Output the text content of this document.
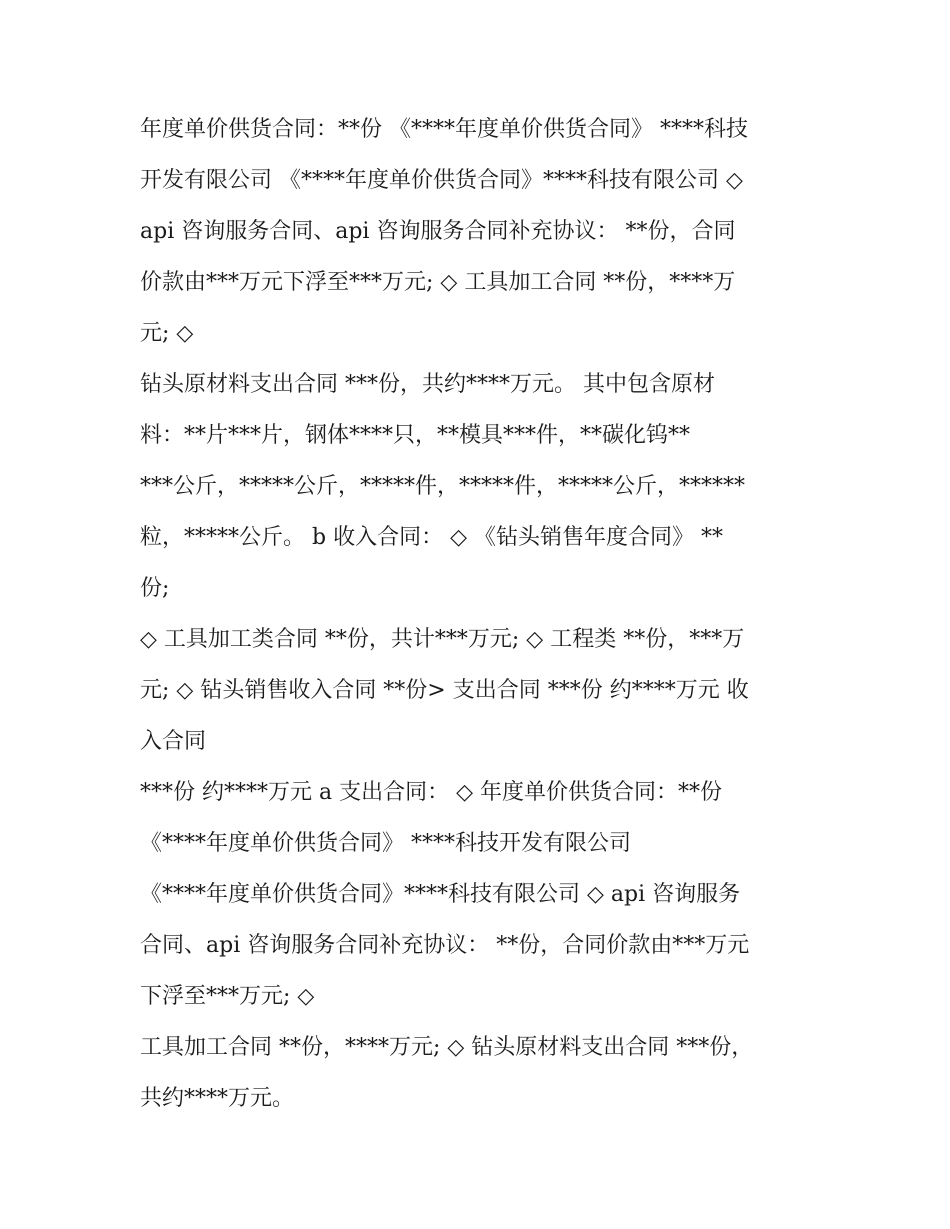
年度单价供货合同：**份 《****年度单价供货合同》 ****科技
开发有限公司 《****年度单价供货合同》****科技有限公司 ◇
api 咨询服务合同、api 咨询服务合同补充协议： **份，合同
价款由***万元下浮至***万元; ◇ 工具加工合同 **份，****万
元; ◇
钻头原材料支出合同 ***份，共约****万元。 其中包含原材
料：**片***片，钢体****只，**模具***件，**碳化钨**
***公斤，*****公斤，*****件，*****件，*****公斤，******
粒，*****公斤。 b 收入合同： ◇ 《钻头销售年度合同》 **
份;
◇ 工具加工类合同 **份，共计***万元; ◇ 工程类 **份，***万
元; ◇ 钻头销售收入合同 **份> 支出合同 ***份 约****万元 收
入合同
***份 约****万元 a 支出合同： ◇ 年度单价供货合同：**份
《****年度单价供货合同》 ****科技开发有限公司
《****年度单价供货合同》****科技有限公司 ◇ api 咨询服务
合同、api 咨询服务合同补充协议： **份，合同价款由***万元
下浮至***万元; ◇
工具加工合同 **份，****万元; ◇ 钻头原材料支出合同 ***份，
共约****万元。
